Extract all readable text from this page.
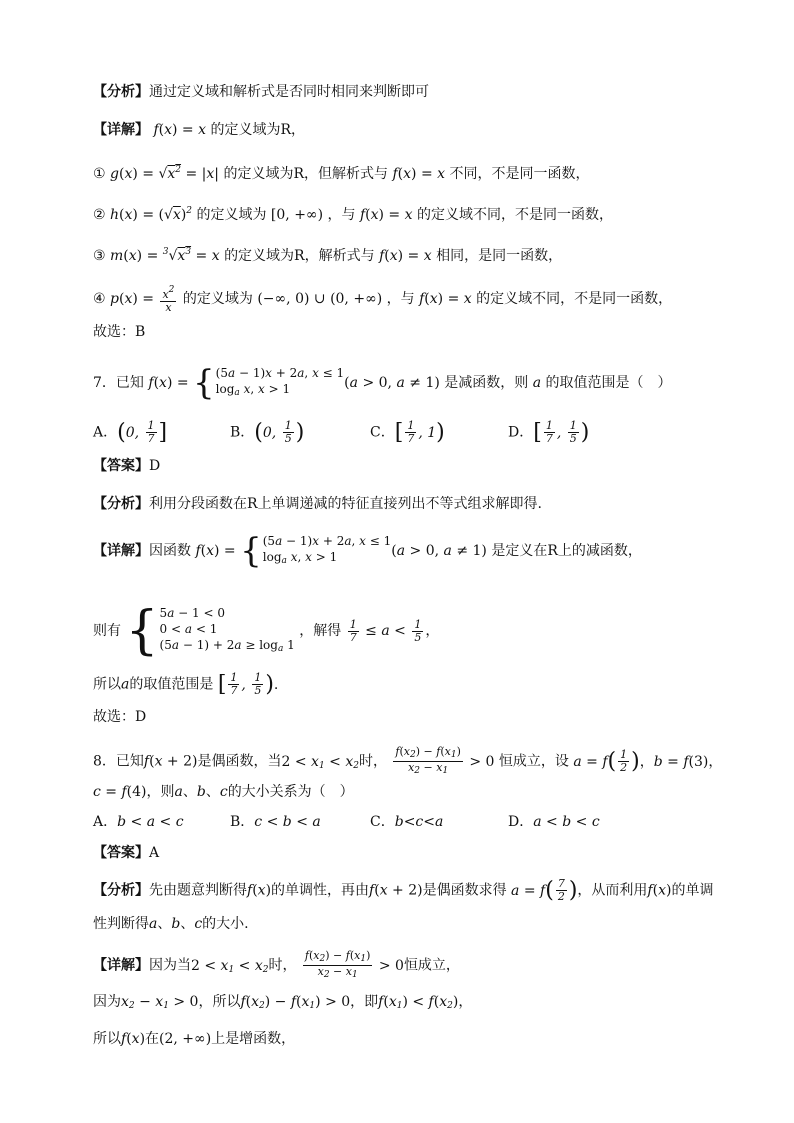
【分析】通过定义域和解析式是否同时相同来判断即可
【详解】 f(x) = x 的定义域为R，
① $g(x) = √x^2 = |x|$ 的定义域为R，但解析式与 f(x) = x 不同，不是同一函数，
② $h(x) = (√x)^2$ 的定义域为 [0, +∞) ，与 f(x) = x 的定义域不同，不是同一函数，
③ $m(x) = ^3√x^3 = x$ 的定义域为R，解析式与 f(x) = x 相同，是同一函数，
④ $p(x) = \frac{x^2}{x}$ 的定义域为 (−∞, 0) ∪ (0, +∞) ，与 f(x) = x 的定义域不同，不是同一函数，
故选：B
7．已知 f(x) = { (5a − 1)x + 2a, x ≤ 1
$\log_a x$, x > 1	(a > 0, a ≠ 1) 是减函数，则 a 的取值范围是（　）
A．(0, $\frac{1}{7}$ ]	B．(0, $\frac{1}{5}$ )	C．[ $\frac{1}{7}$ , 1)	D．[ $\frac{1}{7}$ , $\frac{1}{5}$ )
【答案】D
【分析】利用分段函数在R上单调递减的特征直接列出不等式组求解即得.
【详解】因函数 f(x) = { (5a − 1)x + 2a, x ≤ 1
$\log_a x$, x > 1	(a > 0, a ≠ 1) 是定义在R上的减函数，
则有 { 5a − 1 < 0
0 < a < 1
$(5a - 1) + 2a \ge \log_a 1$
，解得 $\frac{1}{7} \le a < \frac{1}{5}$ ，
所以a的取值范围是 [ $\frac{1}{7}$ , $\frac{1}{5}$ ).
故选：D
8．已知f(x + 2)是偶函数，当$2 < x_1 < x_2$时， $\frac{f(x_2) - f(x_1)}{x_2 - x_1} > 0$ 恒成立，设 $a = f( \frac{1}{2}$ )，b = f(3)，
c = f(4)，则a、b、c的大小关系为（　）
A．b < a < c	B．c < b < a	C．b<c<a	D．a < b < c
【答案】A
【分析】先由题意判断得f(x)的单调性，再由f(x + 2)是偶函数求得 $a = f( \frac{7}{2}$ )，从而利用f(x)的单调
性判断得a、b、c的大小.
【详解】因为当$2 < x_1 < x_2$时， $\frac{f(x_2) - f(x_1)}{x_2 - x_1} > 0$恒成立，
因为$x_2 - x_1 > 0$，所以$f(x_2) - f(x_1) > 0$，即$f(x_1) < f(x_2)$，
所以f(x)在(2, +∞)上是增函数，
